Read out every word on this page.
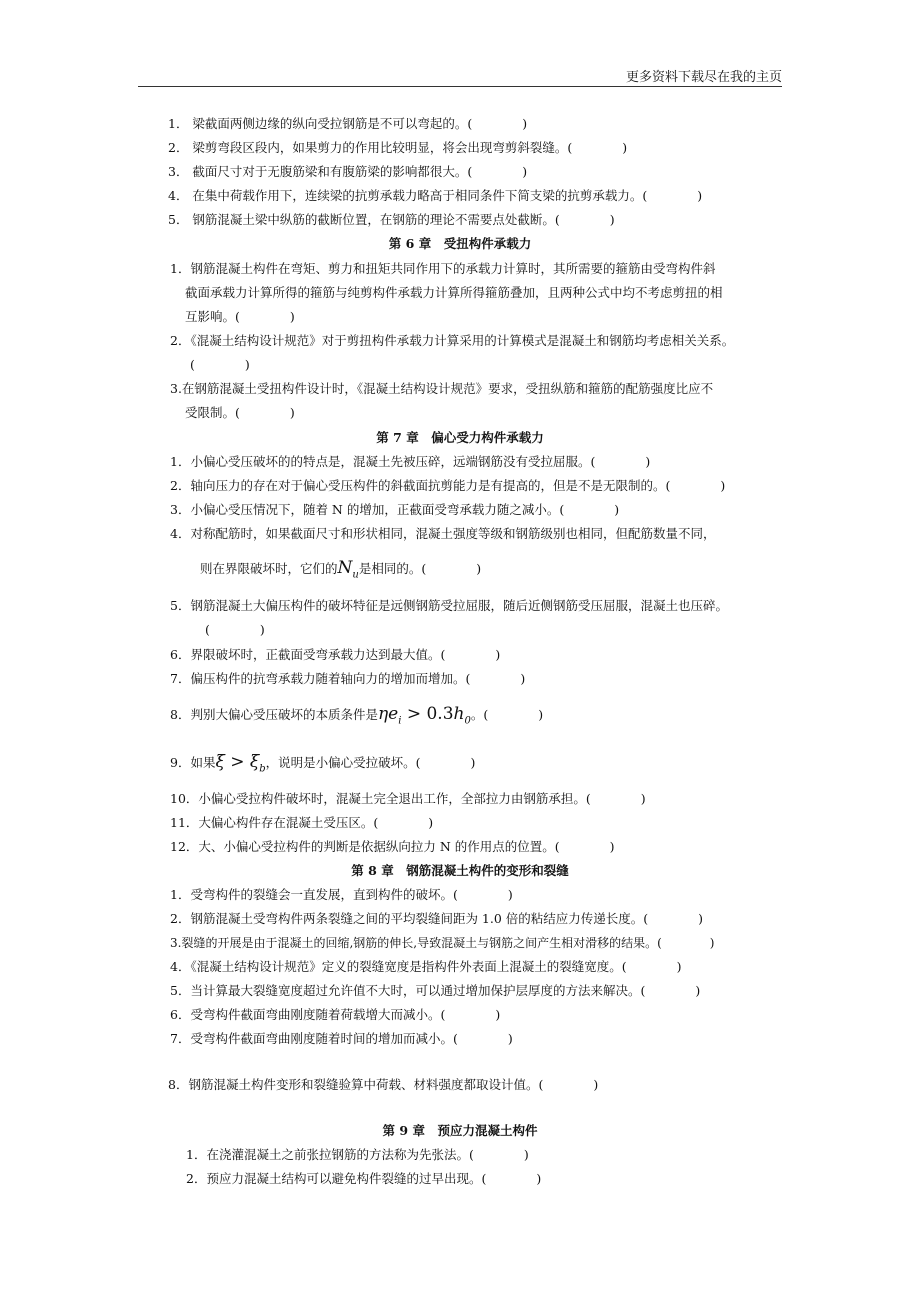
更多资料下载尽在我的主页
1． 梁截面两侧边缘的纵向受拉钢筋是不可以弯起的。(　　　　)
2． 梁剪弯段区段内，如果剪力的作用比较明显，将会出现弯剪斜裂缝。(　　　　)
3． 截面尺寸对于无腹筋梁和有腹筋梁的影响都很大。(　　　　)
4． 在集中荷载作用下，连续梁的抗剪承载力略高于相同条件下简支梁的抗剪承载力。(　　　　)
5． 钢筋混凝土梁中纵筋的截断位置，在钢筋的理论不需要点处截断。(　　　　)
第 6 章　受扭构件承载力
1．钢筋混凝土构件在弯矩、剪力和扭矩共同作用下的承载力计算时，其所需要的箍筋由受弯构件斜
截面承载力计算所得的箍筋与纯剪构件承载力计算所得箍筋叠加，且两种公式中均不考虑剪扭的相
互影响。(　　　　)
2．《混凝土结构设计规范》对于剪扭构件承载力计算采用的计算模式是混凝土和钢筋均考虑相关关系。
(　　　　)
3.在钢筋混凝土受扭构件设计时，《混凝土结构设计规范》要求，受扭纵筋和箍筋的配筋强度比应不
受限制。(　　　　)
第 7 章　偏心受力构件承载力
1．小偏心受压破坏的的特点是，混凝土先被压碎，远端钢筋没有受拉屈服。(　　　　)
2．轴向压力的存在对于偏心受压构件的斜截面抗剪能力是有提高的，但是不是无限制的。(　　　　)
3．小偏心受压情况下，随着 N 的增加，正截面受弯承载力随之减小。(　　　　)
4．对称配筋时，如果截面尺寸和形状相同，混凝土强度等级和钢筋级别也相同，但配筋数量不同，
则在界限破坏时，它们的$N_u$是相同的。(　　　　)
5．钢筋混凝土大偏压构件的破坏特征是远侧钢筋受拉屈服，随后近侧钢筋受压屈服，混凝土也压碎。
(　　　　)
6．界限破坏时，正截面受弯承载力达到最大值。(　　　　)
7．偏压构件的抗弯承载力随着轴向力的增加而增加。(　　　　)
8．判别大偏心受压破坏的本质条件是$\eta e_i > 0.3h_0$。(　　　　)
9．如果$\xi > \xi_b$，说明是小偏心受拉破坏。(　　　　)
10．小偏心受拉构件破坏时，混凝土完全退出工作，全部拉力由钢筋承担。(　　　　)
11．大偏心构件存在混凝土受压区。(　　　　)
12．大、小偏心受拉构件的判断是依据纵向拉力 N 的作用点的位置。(　　　　)
第 8 章　钢筋混凝土构件的变形和裂缝
1．受弯构件的裂缝会一直发展，直到构件的破坏。(　　　　)
2．钢筋混凝土受弯构件两条裂缝之间的平均裂缝间距为 1.0 倍的粘结应力传递长度。(　　　　)
3.裂缝的开展是由于混凝土的回缩,钢筋的伸长,导致混凝土与钢筋之间产生相对滑移的结果。(　　　　)
4．《混凝土结构设计规范》定义的裂缝宽度是指构件外表面上混凝土的裂缝宽度。(　　　　)
5．当计算最大裂缝宽度超过允许值不大时，可以通过增加保护层厚度的方法来解决。(　　　　)
6．受弯构件截面弯曲刚度随着荷载增大而减小。(　　　　)
7．受弯构件截面弯曲刚度随着时间的增加而减小。(　　　　)
8．钢筋混凝土构件变形和裂缝验算中荷载、材料强度都取设计值。(　　　　)
第 9 章　预应力混凝土构件
1．在浇灌混凝土之前张拉钢筋的方法称为先张法。(　　　　)
2．预应力混凝土结构可以避免构件裂缝的过早出现。(　　　　)
